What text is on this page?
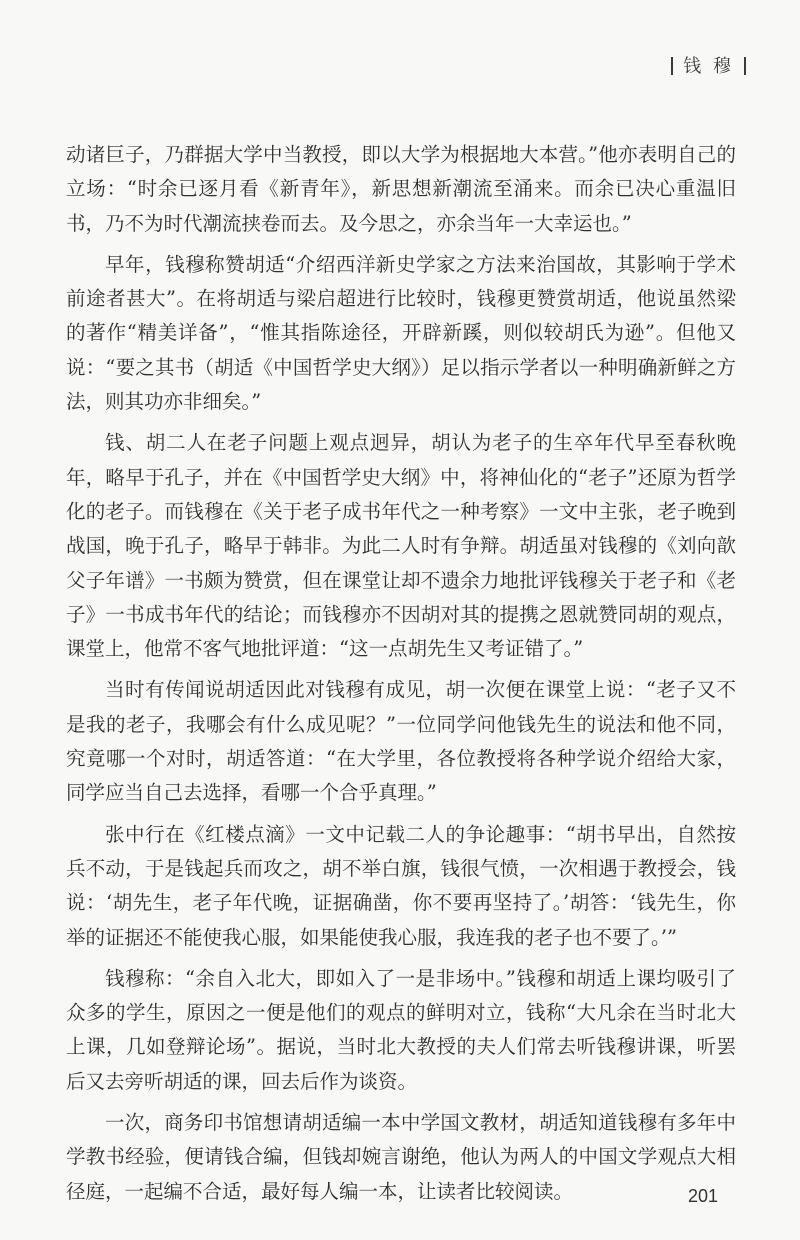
钱 穆

动诸巨子，乃群据大学中当教授，即以大学为根据地大本营。”他亦表明自己的立场：“时余已逐月看《新青年》，新思想新潮流至涌来。而余已决心重温旧书，乃不为时代潮流挟卷而去。及今思之，亦余当年一大幸运也。”

早年，钱穆称赞胡适“介绍西洋新史学家之方法来治国故，其影响于学术前途者甚大”。在将胡适与梁启超进行比较时，钱穆更赞赏胡适，他说虽然梁的著作“精美详备”，“惟其指陈途径，开辟新蹊，则似较胡氏为逊”。但他又说：“要之其书（胡适《中国哲学史大纲》）足以指示学者以一种明确新鲜之方法，则其功亦非细矣。”

钱、胡二人在老子问题上观点迥异，胡认为老子的生卒年代早至春秋晚年，略早于孔子，并在《中国哲学史大纲》中，将神仙化的“老子”还原为哲学化的老子。而钱穆在《关于老子成书年代之一种考察》一文中主张，老子晚到战国，晚于孔子，略早于韩非。为此二人时有争辩。胡适虽对钱穆的《刘向歆父子年谱》一书颇为赞赏，但在课堂让却不遗余力地批评钱穆关于老子和《老子》一书成书年代的结论；而钱穆亦不因胡对其的提携之恩就赞同胡的观点，课堂上，他常不客气地批评道：“这一点胡先生又考证错了。”

当时有传闻说胡适因此对钱穆有成见，胡一次便在课堂上说：“老子又不是我的老子，我哪会有什么成见呢？”一位同学问他钱先生的说法和他不同，究竟哪一个对时，胡适答道：“在大学里，各位教授将各种学说介绍给大家，同学应当自己去选择，看哪一个合乎真理。”

张中行在《红楼点滴》一文中记载二人的争论趣事：“胡书早出，自然按兵不动，于是钱起兵而攻之，胡不举白旗，钱很气愤，一次相遇于教授会，钱说：‘胡先生，老子年代晚，证据确凿，你不要再坚持了。’胡答：‘钱先生，你举的证据还不能使我心服，如果能使我心服，我连我的老子也不要了。’”

钱穆称：“余自入北大，即如入了一是非场中。”钱穆和胡适上课均吸引了众多的学生，原因之一便是他们的观点的鲜明对立，钱称“大凡余在当时北大上课，几如登辩论场”。据说，当时北大教授的夫人们常去听钱穆讲课，听罢后又去旁听胡适的课，回去后作为谈资。

一次，商务印书馆想请胡适编一本中学国文教材，胡适知道钱穆有多年中学教书经验，便请钱合编，但钱却婉言谢绝，他认为两人的中国文学观点大相径庭，一起编不合适，最好每人编一本，让读者比较阅读。	201
